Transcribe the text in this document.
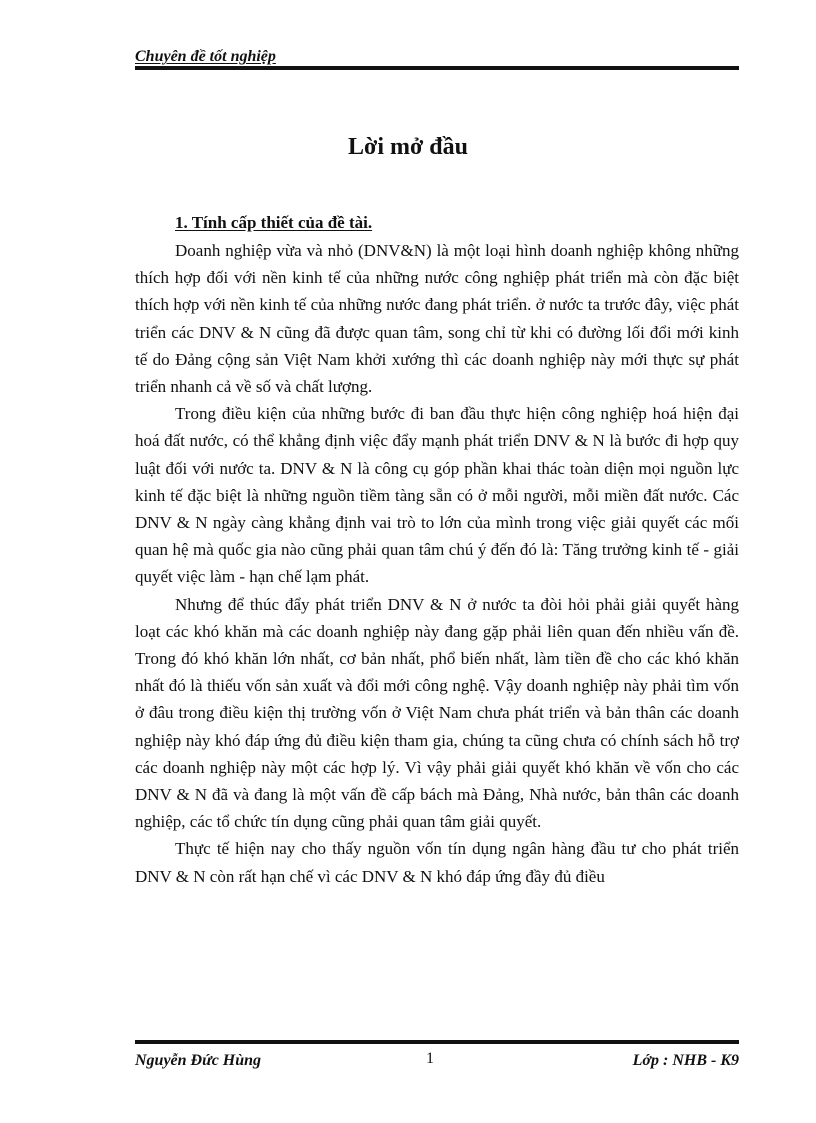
Chuyên đề tốt nghiệp
Lời mở đầu
1. Tính cấp thiết của đề tài.

Doanh nghiệp vừa và nhỏ (DNV&N) là một loại hình doanh nghiệp không những thích hợp đối với nền kinh tế của những nước công nghiệp phát triển mà còn đặc biệt thích hợp với nền kinh tế của những nước đang phát triển. ở nước ta trước đây, việc phát triển các DNV & N cũng đã được quan tâm, song chỉ từ khi có đường lối đổi mới kinh tế do Đảng cộng sản Việt Nam khởi xướng thì các doanh nghiệp này mới thực sự phát triển nhanh cả về số và chất lượng.

Trong điều kiện của những bước đi ban đầu thực hiện công nghiệp hoá hiện đại hoá đất nước, có thể khẳng định việc đẩy mạnh phát triển DNV & N là bước đi hợp quy luật đối với nước ta. DNV & N là công cụ góp phần khai thác toàn diện mọi nguồn lực kinh tế đặc biệt là những nguồn tiềm tàng sẵn có ở mỗi người, mỗi miền đất nước. Các DNV & N ngày càng khẳng định vai trò to lớn của mình trong việc giải quyết các mối quan hệ mà quốc gia nào cũng phải quan tâm chú ý đến đó là: Tăng trưởng kinh tế - giải quyết việc làm - hạn chế lạm phát.

Nhưng để thúc đẩy phát triển DNV & N ở nước ta đòi hỏi phải giải quyết hàng loạt các khó khăn mà các doanh nghiệp này đang gặp phải liên quan đến nhiều vấn đề. Trong đó khó khăn lớn nhất, cơ bản nhất, phổ biến nhất, làm tiền đề cho các khó khăn nhất đó là thiếu vốn sản xuất và đổi mới công nghệ. Vậy doanh nghiệp này phải tìm vốn ở đâu trong điều kiện thị trường vốn ở Việt Nam chưa phát triển và bản thân các doanh nghiệp này khó đáp ứng đủ điều kiện tham gia, chúng ta cũng chưa có chính sách hỗ trợ các doanh nghiệp này một các hợp lý. Vì vậy phải giải quyết khó khăn về vốn cho các DNV & N đã và đang là một vấn đề cấp bách mà Đảng, Nhà nước, bản thân các doanh nghiệp, các tổ chức tín dụng cũng phải quan tâm giải quyết.

Thực tế hiện nay cho thấy nguồn vốn tín dụng ngân hàng đầu tư cho phát triển DNV & N còn rất hạn chế vì các DNV & N khó đáp ứng đầy đủ điều

Nguyễn Đức Hùng	1	Lớp : NHB - K9
